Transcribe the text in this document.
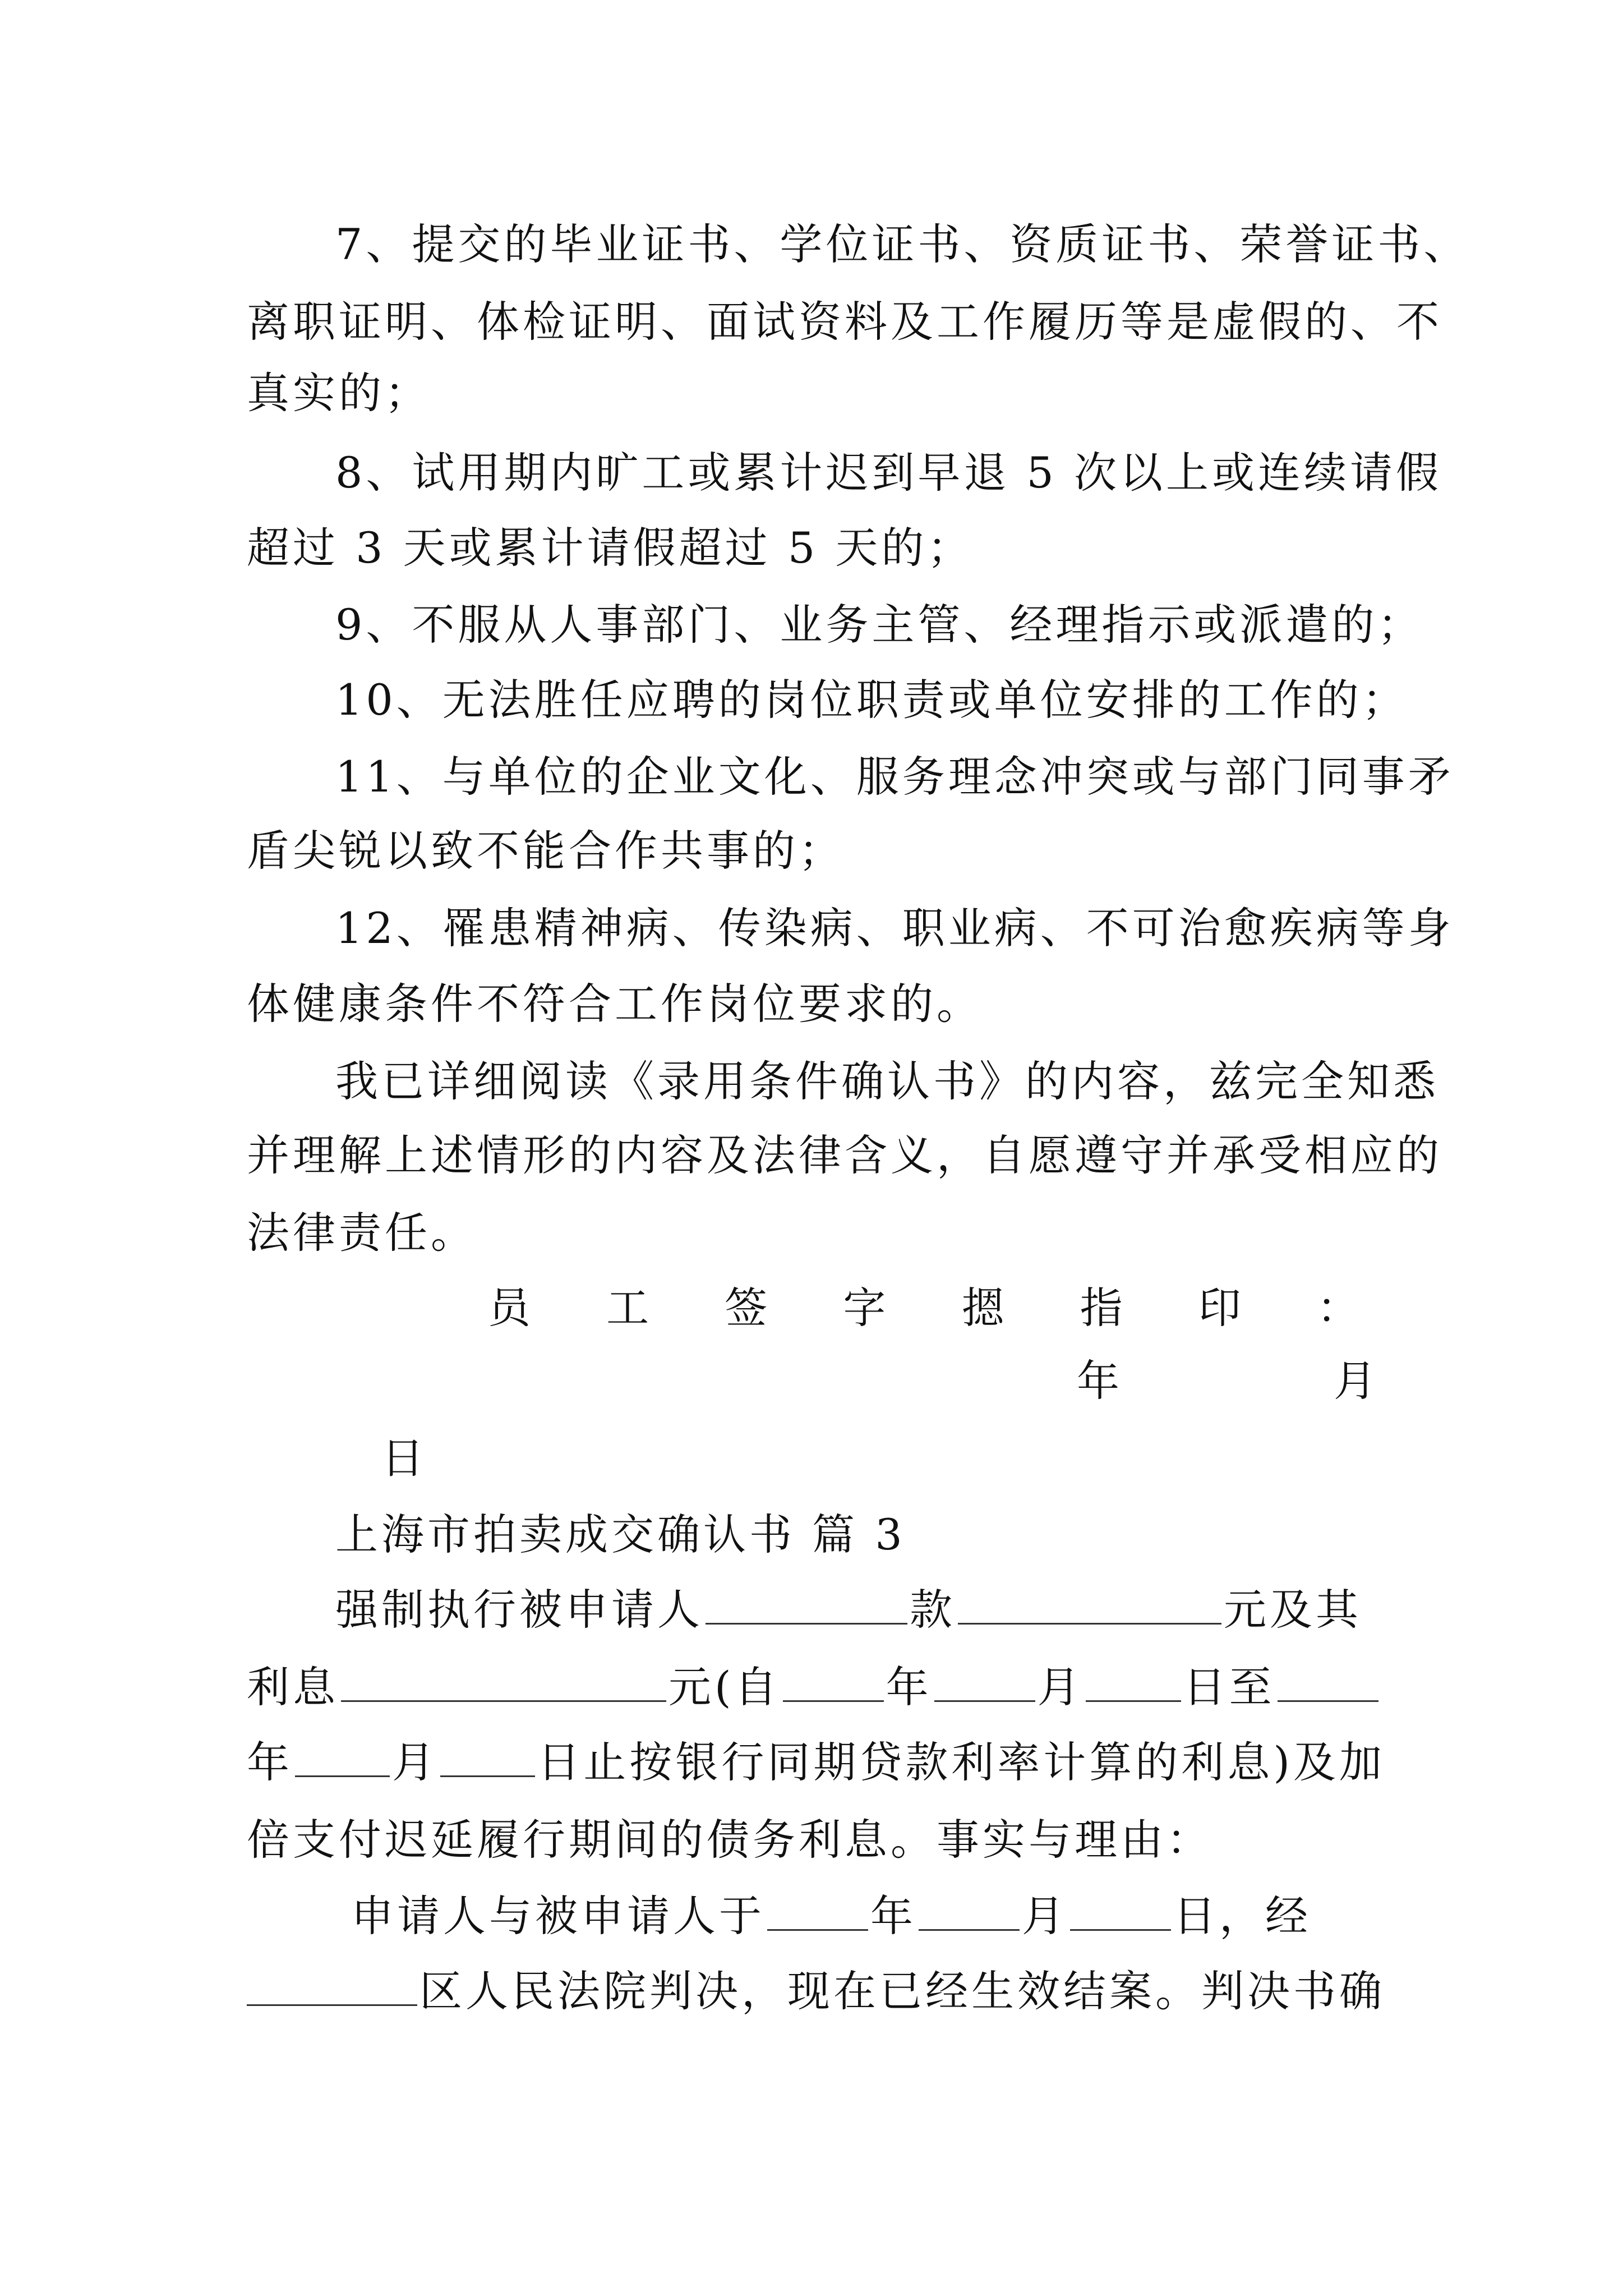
7、提交的毕业证书、学位证书、资质证书、荣誉证书、
离职证明、体检证明、面试资料及工作履历等是虚假的、不
真实的；
8、试用期内旷工或累计迟到早退 5 次以上或连续请假
超过 3 天或累计请假超过 5 天的；
9、不服从人事部门、业务主管、经理指示或派遣的；
10、无法胜任应聘的岗位职责或单位安排的工作的；
11、与单位的企业文化、服务理念冲突或与部门同事矛
盾尖锐以致不能合作共事的；
12、罹患精神病、传染病、职业病、不可治愈疾病等身
体健康条件不符合工作岗位要求的。
我已详细阅读《录用条件确认书》的内容，兹完全知悉
并理解上述情形的内容及法律含义，自愿遵守并承受相应的
法律责任。
员 工 签 字 摁 指 印 ：
年	月
日
上海市拍卖成交确认书 篇 3
强制执行被申请人	款	元及其
利息	元(自 年 月 日至
年 月 日止按银行同期贷款利率计算的利息)及加
倍支付迟延履行期间的债务利息。事实与理由：
申请人与被申请人于 年 月 日，经
区人民法院判决，现在已经生效结案。判决书确
